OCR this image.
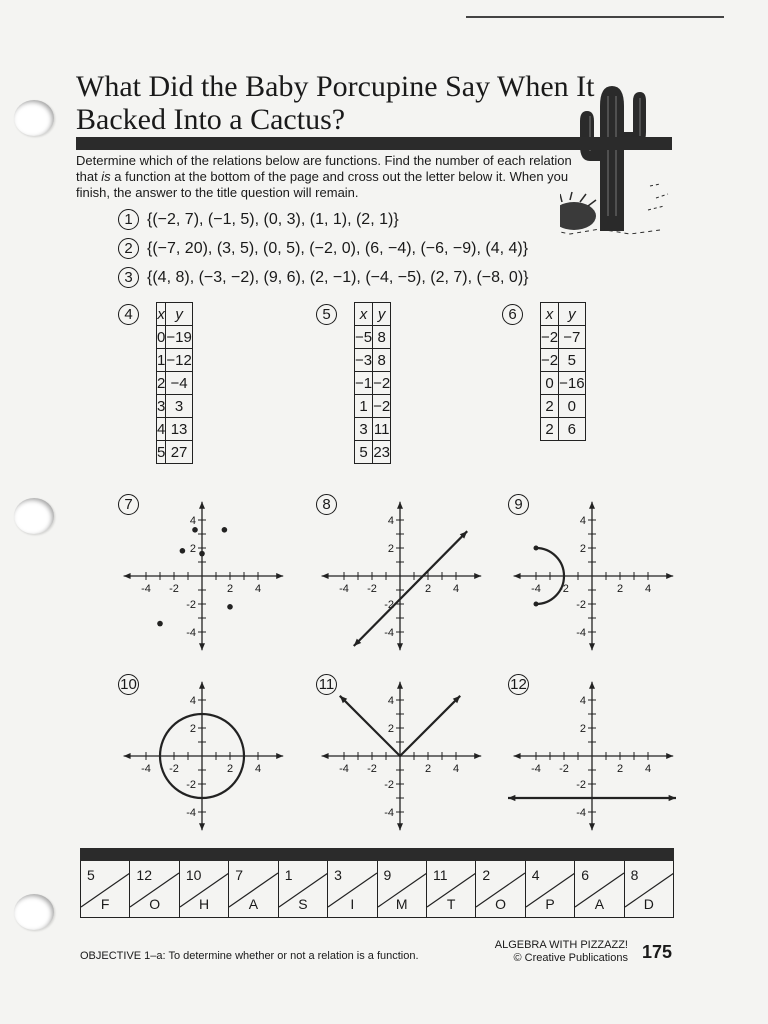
What Did the Baby Porcupine Say When It Backed Into a Cactus?

Determine which of the relations below are functions. Find the number of each relation that is a function at the bottom of the page and cross out the letter below it. When you finish, the answer to the title question will remain.

1 {(−2, 7), (−1, 5), (0, 3), (1, 1), (2, 1)}
2 {(−7, 20), (3, 5), (0, 5), (−2, 0), (6, −4), (−6, −9), (4, 4)}
3 {(4, 8), (−3, −2), (9, 6), (2, −1), (−4, −5), (2, 7), (−8, 0)}
4	x	y
0	−19
1	−12
2	−4
3	3
4	13
5	27
5	x	y
−5	8
−3	8
−1	−2
1	−2
3	11
5	23
6	x	y
−2	−7
−2	5
0	−16
2	0
2	6
-4 -2	2 4
4
2
-2
-4
7
-4 -2	2 4
4
2
-2
-4
8
-4 -2	2 4
4
2
-2
-4
9
-4 -2	2 4
4
2
-2
-4
10
-4 -2	2 4
4
2
-2
-4
11
-4 -2	2 4
4
2
-2
-4
12
5
F
12
O
10
H
7
A
1
S
3
I
9
M
11
T
2
O
4
P
6
A
8
D
OBJECTIVE 1–a: To determine whether or not a relation is a function.
ALGEBRA WITH PIZZAZZ!
© Creative Publications 175
